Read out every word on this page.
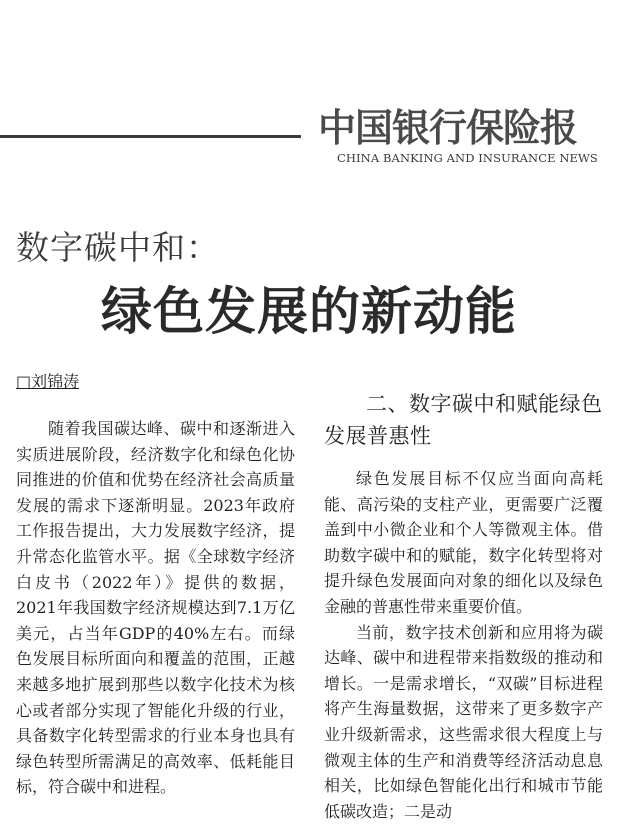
中国银行保险报
CHINA BANKING AND INSURANCE NEWS
数字碳中和：
绿色发展的新动能
□刘锦涛

随着我国碳达峰、碳中和逐渐进入实质进展阶段，经济数字化和绿色化协同推进的价值和优势在经济社会高质量发展的需求下逐渐明显。2023年政府工作报告提出，大力发展数字经济，提升常态化监管水平。据《全球数字经济白皮书（2022年）》提供的数据，2021年我国数字经济规模达到7.1万亿美元，占当年GDP的40%左右。而绿色发展目标所面向和覆盖的范围，正越来越多地扩展到那些以数字化技术为核心或者部分实现了智能化升级的行业，具备数字化转型需求的行业本身也具有绿色转型所需满足的高效率、低耗能目标，符合碳中和进程。

二、数字碳中和赋能绿色发展普惠性

绿色发展目标不仅应当面向高耗能、高污染的支柱产业，更需要广泛覆盖到中小微企业和个人等微观主体。借助数字碳中和的赋能，数字化转型将对提升绿色发展面向对象的细化以及绿色金融的普惠性带来重要价值。

当前，数字技术创新和应用将为碳达峰、碳中和进程带来指数级的推动和增长。一是需求增长，“双碳”目标进程将产生海量数据，这带来了更多数字产业升级新需求，这些需求很大程度上与微观主体的生产和消费等经济活动息息相关，比如绿色智能化出行和城市节能低碳改造；二是动
